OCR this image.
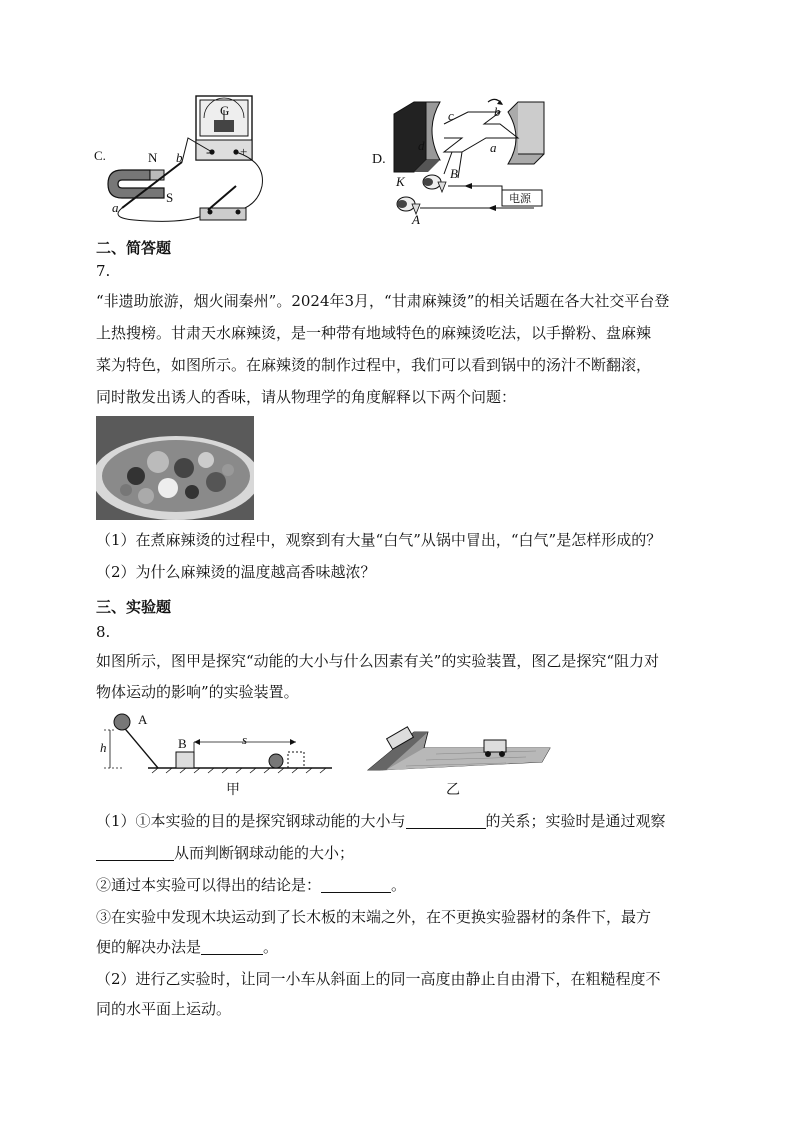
C.
G
- +
N
S
a
b	D.
c	b
a
d
K
B
A
电源
二、简答题
7.
“非遗助旅游，烟火闹秦州”。2024年3月，“甘肃麻辣烫”的相关话题在各大社交平台登
上热搜榜。甘肃天水麻辣烫，是一种带有地域特色的麻辣烫吃法，以手擀粉、盘麻辣
菜为特色，如图所示。在麻辣烫的制作过程中，我们可以看到锅中的汤汁不断翻滚，
同时散发出诱人的香味，请从物理学的角度解释以下两个问题：
（1）在煮麻辣烫的过程中，观察到有大量“白气”从锅中冒出，“白气”是怎样形成的？
（2）为什么麻辣烫的温度越高香味越浓？
三、实验题
8.
如图所示，图甲是探究“动能的大小与什么因素有关”的实验装置，图乙是探究“阻力对
物体运动的影响”的实验装置。
A
B
h
s
甲	乙
（1）①本实验的目的是探究钢球动能的大小与	的关系；实验时是通过观察
从而判断钢球动能的大小；
②通过本实验可以得出的结论是：	。
③在实验中发现木块运动到了长木板的末端之外，在不更换实验器材的条件下，最方
便的解决办法是	。
（2）进行乙实验时，让同一小车从斜面上的同一高度由静止自由滑下，在粗糙程度不
同的水平面上运动。
